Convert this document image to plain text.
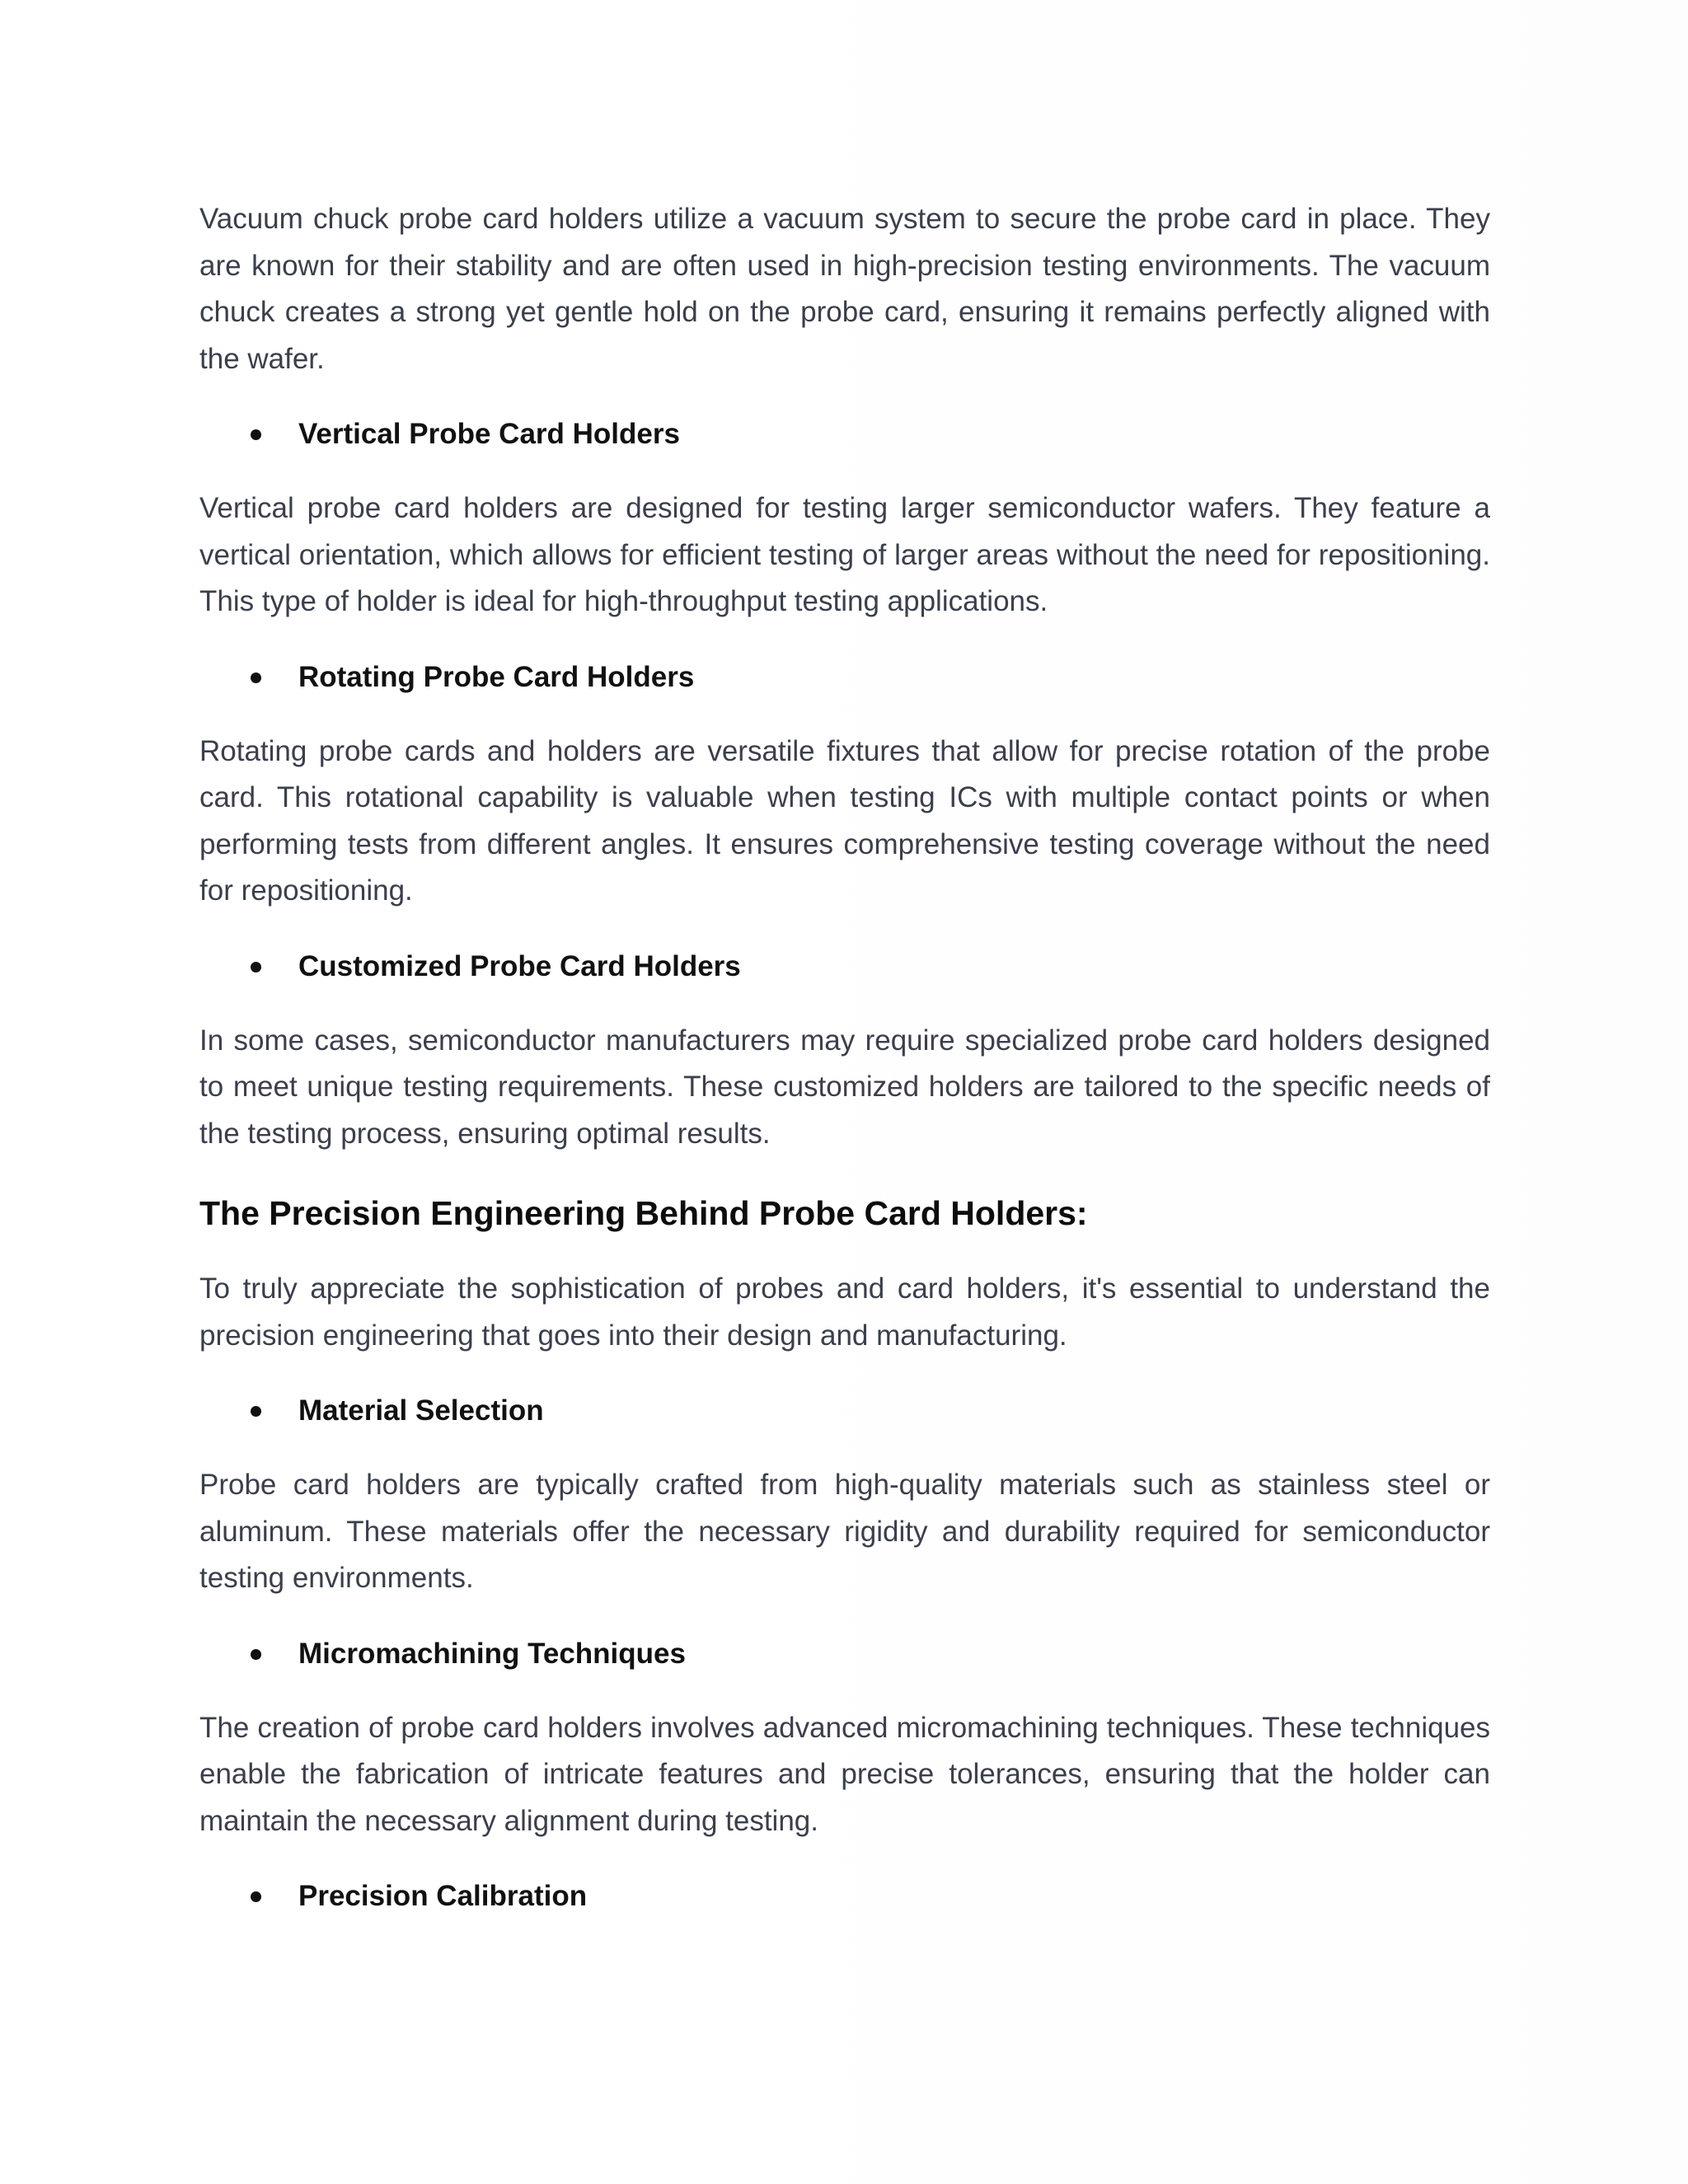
Vacuum chuck probe card holders utilize a vacuum system to secure the probe card in place. They are known for their stability and are often used in high-precision testing environments. The vacuum chuck creates a strong yet gentle hold on the probe card, ensuring it remains perfectly aligned with the wafer.

Vertical Probe Card Holders

Vertical probe card holders are designed for testing larger semiconductor wafers. They feature a vertical orientation, which allows for efficient testing of larger areas without the need for repositioning. This type of holder is ideal for high-throughput testing applications.

Rotating Probe Card Holders

Rotating probe cards and holders are versatile fixtures that allow for precise rotation of the probe card. This rotational capability is valuable when testing ICs with multiple contact points or when performing tests from different angles. It ensures comprehensive testing coverage without the need for repositioning.

Customized Probe Card Holders

In some cases, semiconductor manufacturers may require specialized probe card holders designed to meet unique testing requirements. These customized holders are tailored to the specific needs of the testing process, ensuring optimal results.

The Precision Engineering Behind Probe Card Holders:

To truly appreciate the sophistication of probes and card holders, it's essential to understand the precision engineering that goes into their design and manufacturing.

Material Selection

Probe card holders are typically crafted from high-quality materials such as stainless steel or aluminum. These materials offer the necessary rigidity and durability required for semiconductor testing environments.

Micromachining Techniques

The creation of probe card holders involves advanced micromachining techniques. These techniques enable the fabrication of intricate features and precise tolerances, ensuring that the holder can maintain the necessary alignment during testing.

Precision Calibration
